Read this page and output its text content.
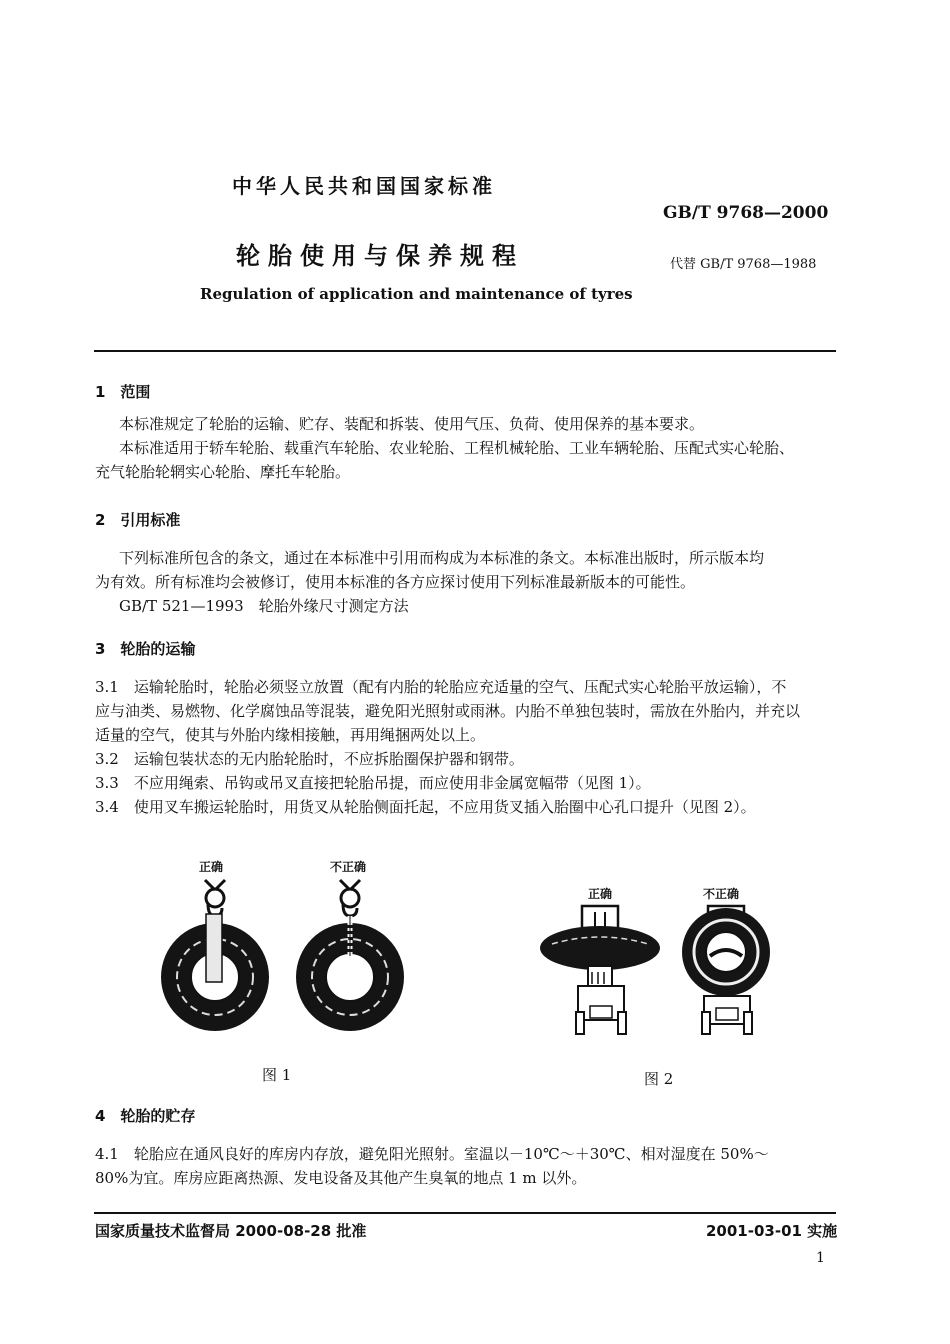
中华人民共和国国家标准
GB/T 9768—2000
轮胎使用与保养规程	代替 GB/T 9768—1988
Regulation of application and maintenance of tyres
1　范围
本标准规定了轮胎的运输、贮存、装配和拆装、使用气压、负荷、使用保养的基本要求。
本标准适用于轿车轮胎、载重汽车轮胎、农业轮胎、工程机械轮胎、工业车辆轮胎、压配式实心轮胎、
充气轮胎轮辋实心轮胎、摩托车轮胎。
2　引用标准
下列标准所包含的条文，通过在本标准中引用而构成为本标准的条文。本标准出版时，所示版本均
为有效。所有标准均会被修订，使用本标准的各方应探讨使用下列标准最新版本的可能性。
GB/T 521—1993　轮胎外缘尺寸测定方法
3　轮胎的运输
3.1　运输轮胎时，轮胎必须竖立放置（配有内胎的轮胎应充适量的空气、压配式实心轮胎平放运输），不
应与油类、易燃物、化学腐蚀品等混装，避免阳光照射或雨淋。内胎不单独包装时，需放在外胎内，并充以
适量的空气，使其与外胎内缘相接触，再用绳捆两处以上。
3.2　运输包装状态的无内胎轮胎时，不应拆胎圈保护器和钢带。
3.3　不应用绳索、吊钩或吊叉直接把轮胎吊提，而应使用非金属宽幅带（见图 1）。
3.4　使用叉车搬运轮胎时，用货叉从轮胎侧面托起，不应用货叉插入胎圈中心孔口提升（见图 2）。
正确	不正确
图 1
正确	不正确
图 2
4　轮胎的贮存
4.1　轮胎应在通风良好的库房内存放，避免阳光照射。室温以－10℃～＋30℃、相对湿度在 50%～
80%为宜。库房应距离热源、发电设备及其他产生臭氧的地点 1 m 以外。
国家质量技术监督局 2000-08-28 批准	2001-03-01 实施
1
